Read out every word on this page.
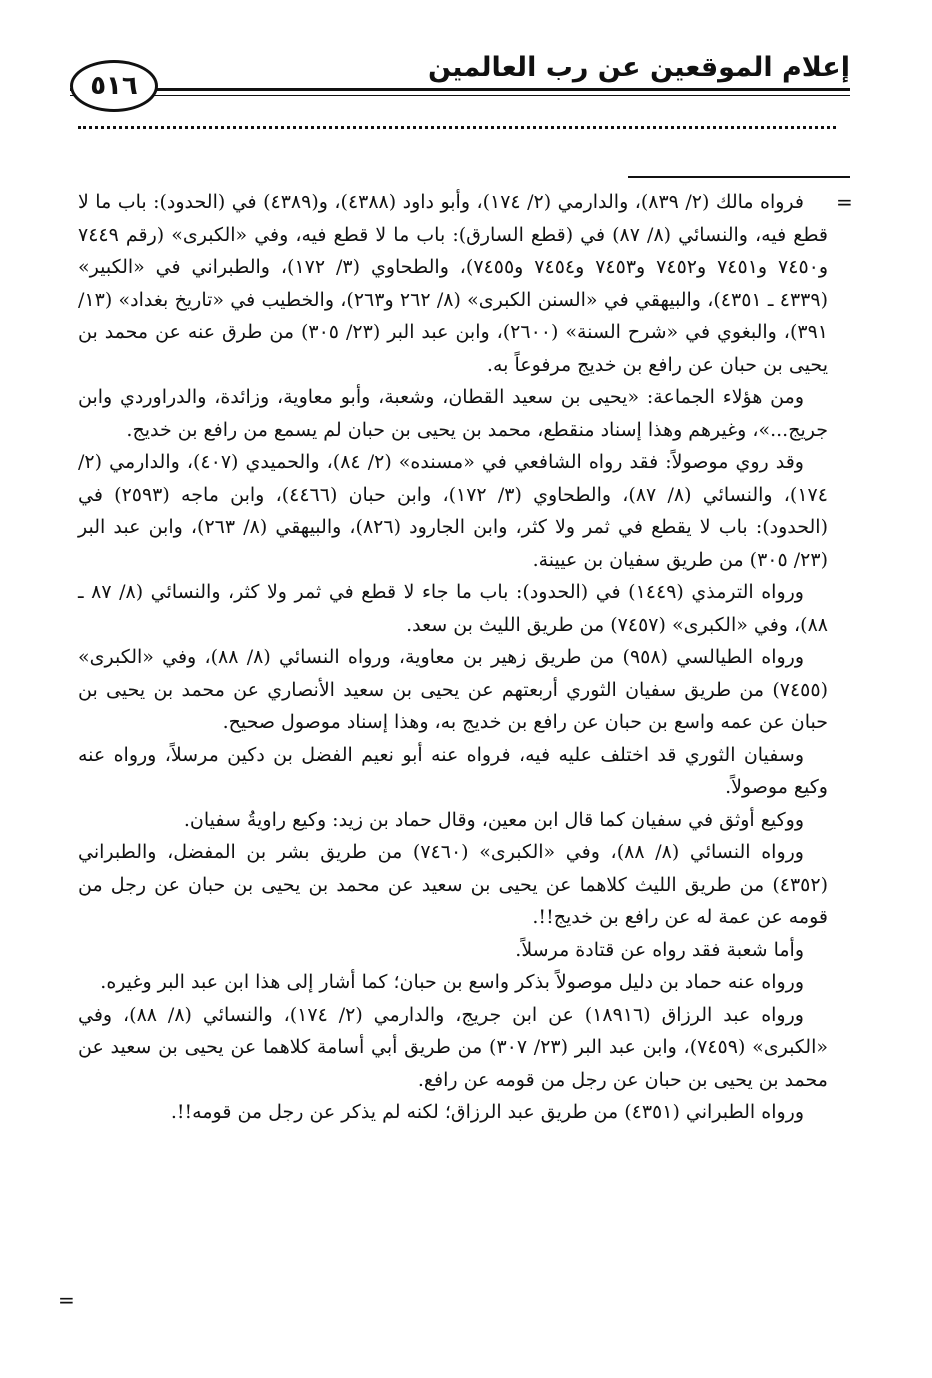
إعلام الموقعين عن رب العالمين
٥١٦
=
=

فرواه مالك (٢/ ٨٣٩)، والدارمي (٢/ ١٧٤)، وأبو داود (٤٣٨٨)، و(٤٣٨٩) في (الحدود): باب ما لا قطع فيه، والنسائي (٨/ ٨٧) في (قطع السارق): باب ما لا قطع فيه، وفي «الكبرى» (رقم ٧٤٤٩ و٧٤٥٠ و٧٤٥١ و٧٤٥٢ و٧٤٥٣ و٧٤٥٤ و٧٤٥٥)، والطحاوي (٣/ ١٧٢)، والطبراني في «الكبير» (٤٣٣٩ ـ ٤٣٥١)، والبيهقي في «السنن الكبرى» (٨/ ٢٦٢ و٢٦٣)، والخطيب في «تاريخ بغداد» (١٣/ ٣٩١)، والبغوي في «شرح السنة» (٢٦٠٠)، وابن عبد البر (٢٣/ ٣٠٥) من طرق عنه عن محمد بن يحيى بن حبان عن رافع بن خديج مرفوعاً به.

ومن هؤلاء الجماعة: «يحيى بن سعيد القطان، وشعبة، وأبو معاوية، وزائدة، والدراوردي وابن جريج...»، وغيرهم وهذا إسناد منقطع، محمد بن يحيى بن حبان لم يسمع من رافع بن خديج.

وقد روي موصولاً: فقد رواه الشافعي في «مسنده» (٢/ ٨٤)، والحميدي (٤٠٧)، والدارمي (٢/ ١٧٤)، والنسائي (٨/ ٨٧)، والطحاوي (٣/ ١٧٢)، وابن حبان (٤٤٦٦)، وابن ماجه (٢٥٩٣) في (الحدود): باب لا يقطع في ثمر ولا كثر، وابن الجارود (٨٢٦)، والبيهقي (٨/ ٢٦٣)، وابن عبد البر (٢٣/ ٣٠٥) من طريق سفيان بن عيينة.

ورواه الترمذي (١٤٤٩) في (الحدود): باب ما جاء لا قطع في ثمر ولا كثر، والنسائي (٨/ ٨٧ ـ ٨٨)، وفي «الكبرى» (٧٤٥٧) من طريق الليث بن سعد.

ورواه الطيالسي (٩٥٨) من طريق زهير بن معاوية، ورواه النسائي (٨/ ٨٨)، وفي «الكبرى» (٧٤٥٥) من طريق سفيان الثوري أربعتهم عن يحيى بن سعيد الأنصاري عن محمد بن يحيى بن حبان عن عمه واسع بن حبان عن رافع بن خديج به، وهذا إسناد موصول صحيح.

وسفيان الثوري قد اختلف عليه فيه، فرواه عنه أبو نعيم الفضل بن دكين مرسلاً، ورواه عنه وكيع موصولاً.

ووكيع أوثق في سفيان كما قال ابن معين، وقال حماد بن زيد: وكيع راويةُ سفيان.

ورواه النسائي (٨/ ٨٨)، وفي «الكبرى» (٧٤٦٠) من طريق بشر بن المفضل، والطبراني (٤٣٥٢) من طريق الليث كلاهما عن يحيى بن سعيد عن محمد بن يحيى بن حبان عن رجل من قومه عن عمة له عن رافع بن خديج!!.

وأما شعبة فقد رواه عن قتادة مرسلاً.

ورواه عنه حماد بن دليل موصولاً بذكر واسع بن حبان؛ كما أشار إلى هذا ابن عبد البر وغيره.

ورواه عبد الرزاق (١٨٩١٦) عن ابن جريج، والدارمي (٢/ ١٧٤)، والنسائي (٨/ ٨٨)، وفي «الكبرى» (٧٤٥٩)، وابن عبد البر (٢٣/ ٣٠٧) من طريق أبي أسامة كلاهما عن يحيى بن سعيد عن محمد بن يحيى بن حبان عن رجل من قومه عن رافع.

ورواه الطبراني (٤٣٥١) من طريق عبد الرزاق؛ لكنه لم يذكر عن رجل من قومه!!.
